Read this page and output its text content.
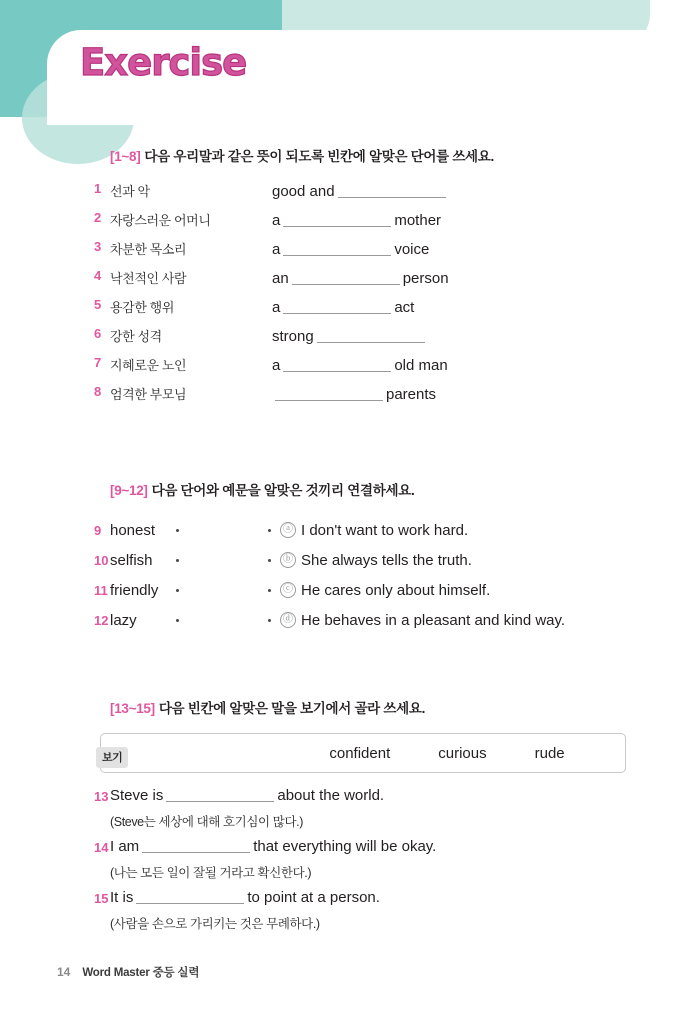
Exercise
[1~8] 다음 우리말과 같은 뜻이 되도록 빈칸에 알맞은 단어를 쓰세요.
1 선과 악	good and
2 자랑스러운 어머니	a	mother
3 차분한 목소리	a	voice
4 낙천적인 사람	an	person
5 용감한 행위	a	act
6 강한 성격	strong
7 지혜로운 노인	a	old man
8 엄격한 부모님	parents
[9~12] 다음 단어와 예문을 알맞은 것끼리 연결하세요.
9 honest	ⓐ I don't want to work hard.
10 selfish	ⓑ She always tells the truth.
11 friendly	ⓒ He cares only about himself.
12 lazy	ⓓ He behaves in a pleasant and kind way.
[13~15] 다음 빈칸에 알맞은 말을 보기에서 골라 쓰세요.
보기	confident	curious	rude
13 Steve is	about the world.
(Steve는 세상에 대해 호기심이 많다.)
14 I am	that everything will be okay.
(나는 모든 일이 잘될 거라고 확신한다.)
15 It is	to point at a person.
(사람을 손으로 가리키는 것은 무례하다.)
14 Word Master 중등 실력
